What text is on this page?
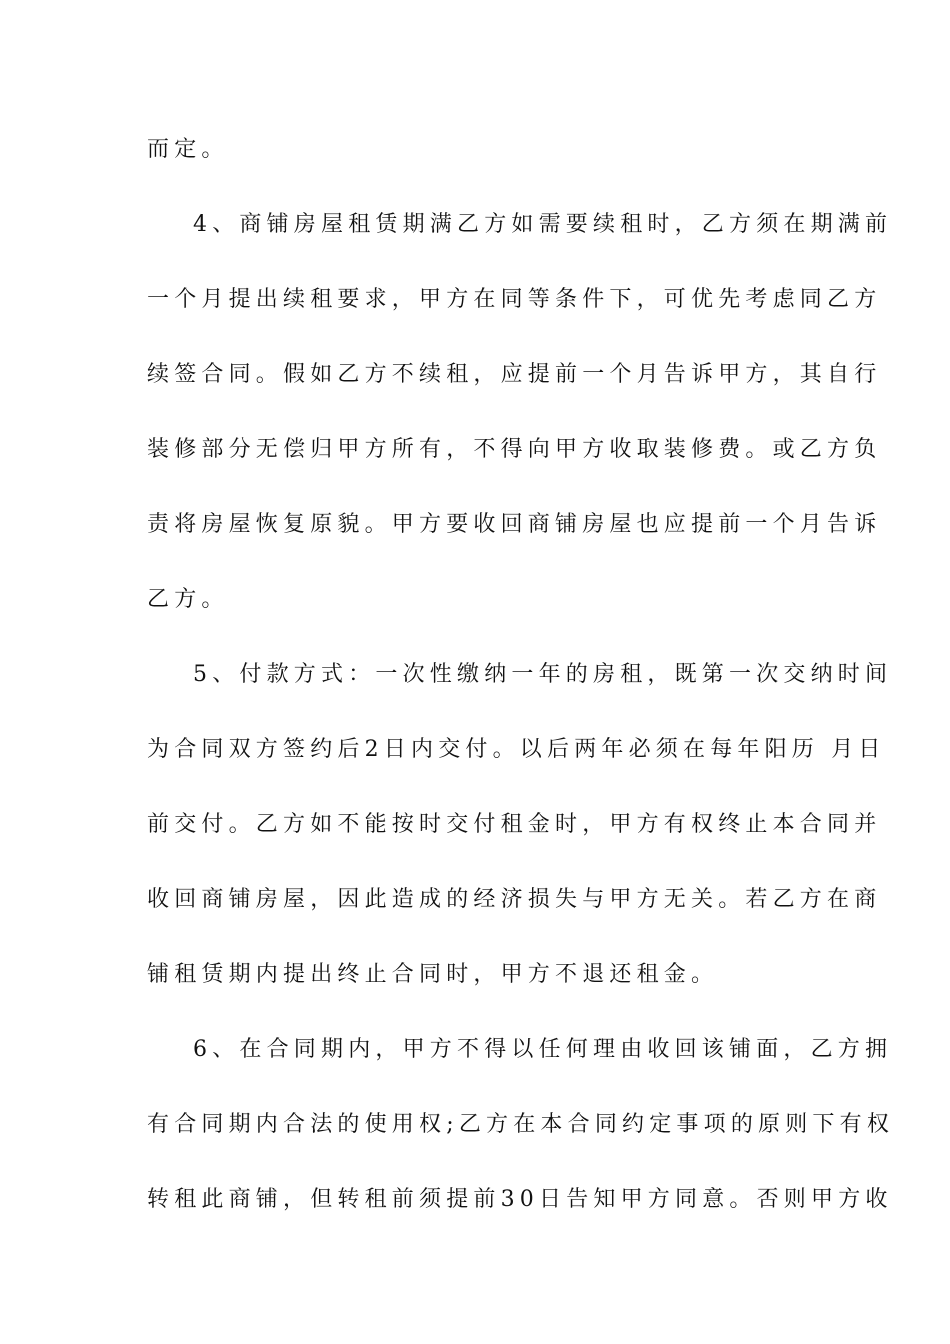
而定。
4、商铺房屋租赁期满乙方如需要续租时，乙方须在期满前
一个月提出续租要求，甲方在同等条件下，可优先考虑同乙方
续签合同。假如乙方不续租，应提前一个月告诉甲方，其自行
装修部分无偿归甲方所有，不得向甲方收取装修费。或乙方负
责将房屋恢复原貌。甲方要收回商铺房屋也应提前一个月告诉
乙方。
5、付款方式：一次性缴纳一年的房租，既第一次交纳时间
为合同双方签约后2日内交付。以后两年必须在每年阳历 月日
前交付。乙方如不能按时交付租金时，甲方有权终止本合同并
收回商铺房屋，因此造成的经济损失与甲方无关。若乙方在商
铺租赁期内提出终止合同时，甲方不退还租金。
6、在合同期内，甲方不得以任何理由收回该铺面，乙方拥
有合同期内合法的使用权;乙方在本合同约定事项的原则下有权
转租此商铺，但转租前须提前30日告知甲方同意。否则甲方收
